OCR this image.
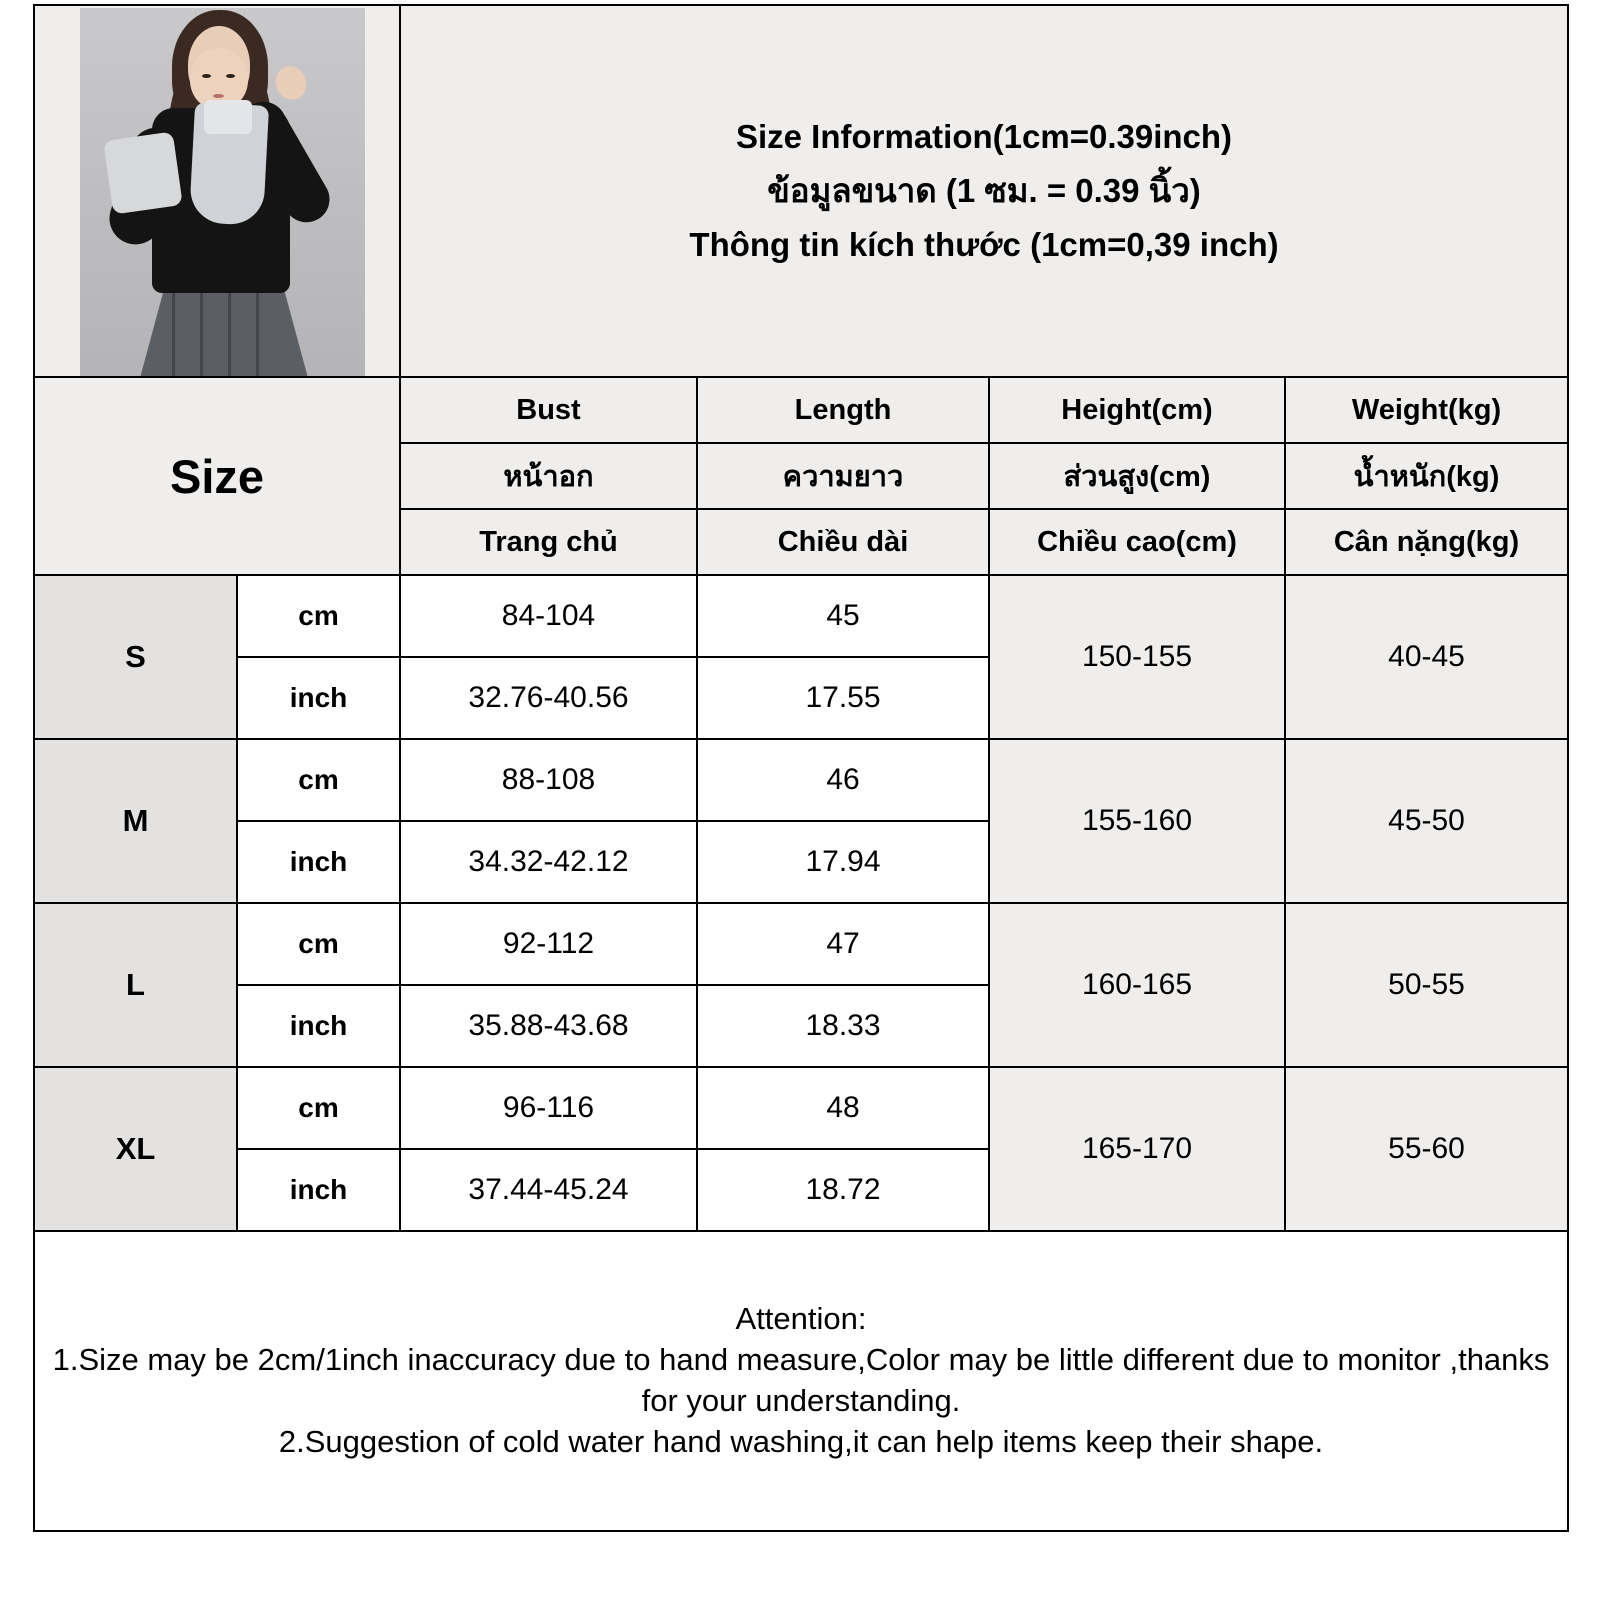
		Size Information(1cm=0.39inch)
ข้อมูลขนาด (1 ซม. = 0.39 นิ้ว)
Thông tin kích thước (1cm=0,39 inch)			

Size		Bust	Length	Height(cm)	Weight(kg)
		หน้าอก	ความยาว	ส่วนสูง(cm)	น้ำหนัก(kg)
		Trang chủ	Chiều dài	Chiều cao(cm)	Cân nặng(kg)
S	cm	84-104	45	150-155	40-45
	inch	32.76-40.56	17.55		
M	cm	88-108	46	155-160	45-50
	inch	34.32-42.12	17.94		
L	cm	92-112	47	160-165	50-55
	inch	35.88-43.68	18.33		
XL	cm	96-116	48	165-170	55-60
	inch	37.44-45.24	18.72		

Attention:
1.Size may be 2cm/1inch inaccuracy due to hand measure,Color may be little different due to monitor ,thanks for your understanding.
2.Suggestion of cold water hand washing,it can help items keep their shape.					
